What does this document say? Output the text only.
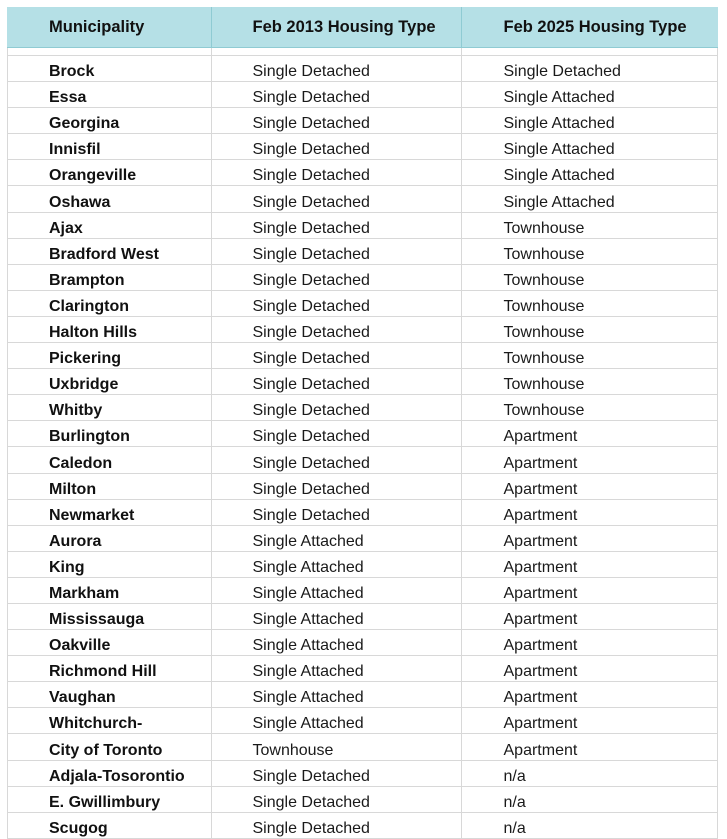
Municipality	Feb 2013 Housing Type	Feb 2025 Housing Type

Brock	Single Detached	Single Detached
Essa	Single Detached	Single Attached
Georgina	Single Detached	Single Attached
Innisfil	Single Detached	Single Attached
Orangeville	Single Detached	Single Attached
Oshawa	Single Detached	Single Attached
Ajax	Single Detached	Townhouse
Bradford West	Single Detached	Townhouse
Brampton	Single Detached	Townhouse
Clarington	Single Detached	Townhouse
Halton Hills	Single Detached	Townhouse
Pickering	Single Detached	Townhouse
Uxbridge	Single Detached	Townhouse
Whitby	Single Detached	Townhouse
Burlington	Single Detached	Apartment
Caledon	Single Detached	Apartment
Milton	Single Detached	Apartment
Newmarket	Single Detached	Apartment
Aurora	Single Attached	Apartment
King	Single Attached	Apartment
Markham	Single Attached	Apartment
Mississauga	Single Attached	Apartment
Oakville	Single Attached	Apartment
Richmond Hill	Single Attached	Apartment
Vaughan	Single Attached	Apartment
Whitchurch-	Single Attached	Apartment
City of Toronto	Townhouse	Apartment
Adjala-Tosorontio	Single Detached	n/a
E. Gwillimbury	Single Detached	n/a
Scugog	Single Detached	n/a
